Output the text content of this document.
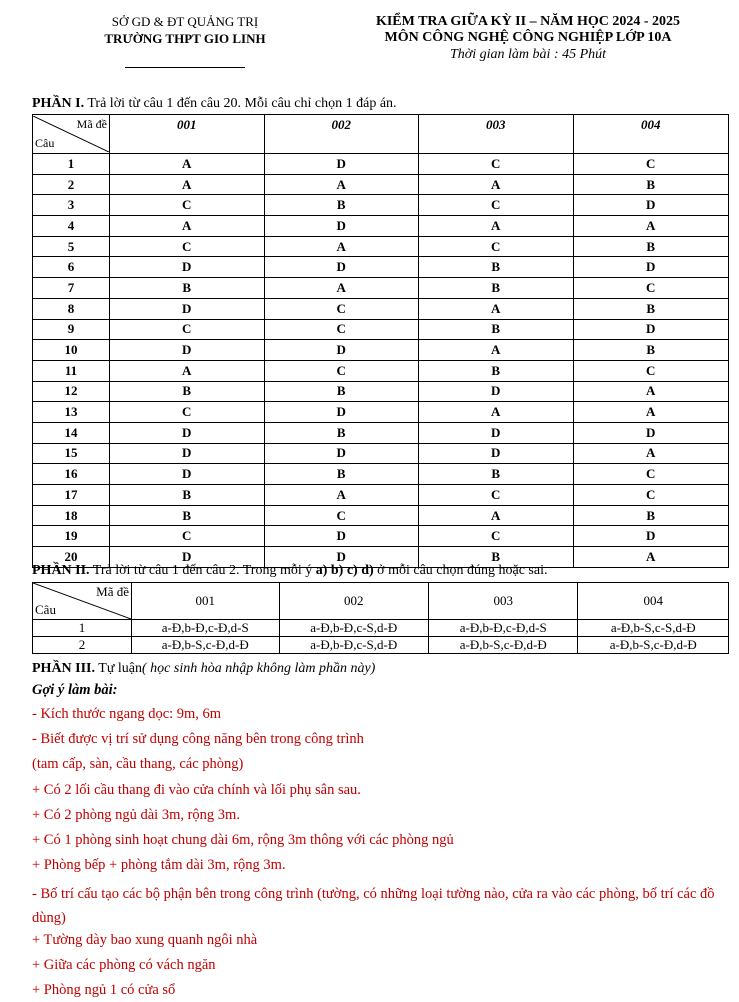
SỞ GD & ĐT QUẢNG TRỊ
TRƯỜNG THPT GIO LINH
KIỂM TRA GIỮA KỲ II – NĂM HỌC 2024 - 2025
MÔN CÔNG NGHỆ CÔNG NGHIỆP LỚP 10A
Thời gian làm bài : 45 Phút
PHẦN I. Trả lời từ câu 1 đến câu 20. Mỗi câu chỉ chọn 1 đáp án.
Mã đề
Câu	001	002	003	004
1	A	D	C	C
2	A	A	A	B
3	C	B	C	D
4	A	D	A	A
5	C	A	C	B
6	D	D	B	D
7	B	A	B	C
8	D	C	A	B
9	C	C	B	D
10	D	D	A	B
11	A	C	B	C
12	B	B	D	A
13	C	D	A	A
14	D	B	D	D
15	D	D	D	A
16	D	B	B	C
17	B	A	C	C
18	B	C	A	B
19	C	D	C	D
20	D	D	B	A
PHẦN II. Trả lời từ câu 1 đến câu 2. Trong mỗi ý a) b) c) d) ở mỗi câu chọn đúng hoặc sai.
Mã đề
Câu	001	002	003	004
1	a-Đ,b-Đ,c-Đ,d-S	a-Đ,b-Đ,c-S,d-Đ	a-Đ,b-Đ,c-Đ,d-S	a-Đ,b-S,c-S,d-Đ
2	a-Đ,b-S,c-Đ,d-Đ	a-Đ,b-Đ,c-S,d-Đ	a-Đ,b-S,c-Đ,d-Đ	a-Đ,b-S,c-Đ,d-Đ
PHẦN III. Tự luận( học sinh hòa nhập không làm phần này)
Gợi ý làm bài:
- Kích thước ngang dọc: 9m, 6m
- Biết được vị trí sử dụng công năng bên trong công trình
(tam cấp, sàn, cầu thang, các phòng)
+ Có 2 lối cầu thang đi vào cửa chính và lối phụ sân sau.
+ Có 2 phòng ngủ dài 3m, rộng 3m.
+ Có 1 phòng sinh hoạt chung dài 6m, rộng 3m thông với các phòng ngủ
+ Phòng bếp + phòng tắm dài 3m, rộng 3m.
- Bố trí cấu tạo các bộ phận bên trong công trình (tường, có những loại tường nào, cửa ra vào các phòng, bố trí các đồ dùng)
+ Tường dày bao xung quanh ngôi nhà
+ Giữa các phòng có vách ngăn
+ Phòng ngủ 1 có cửa sổ
